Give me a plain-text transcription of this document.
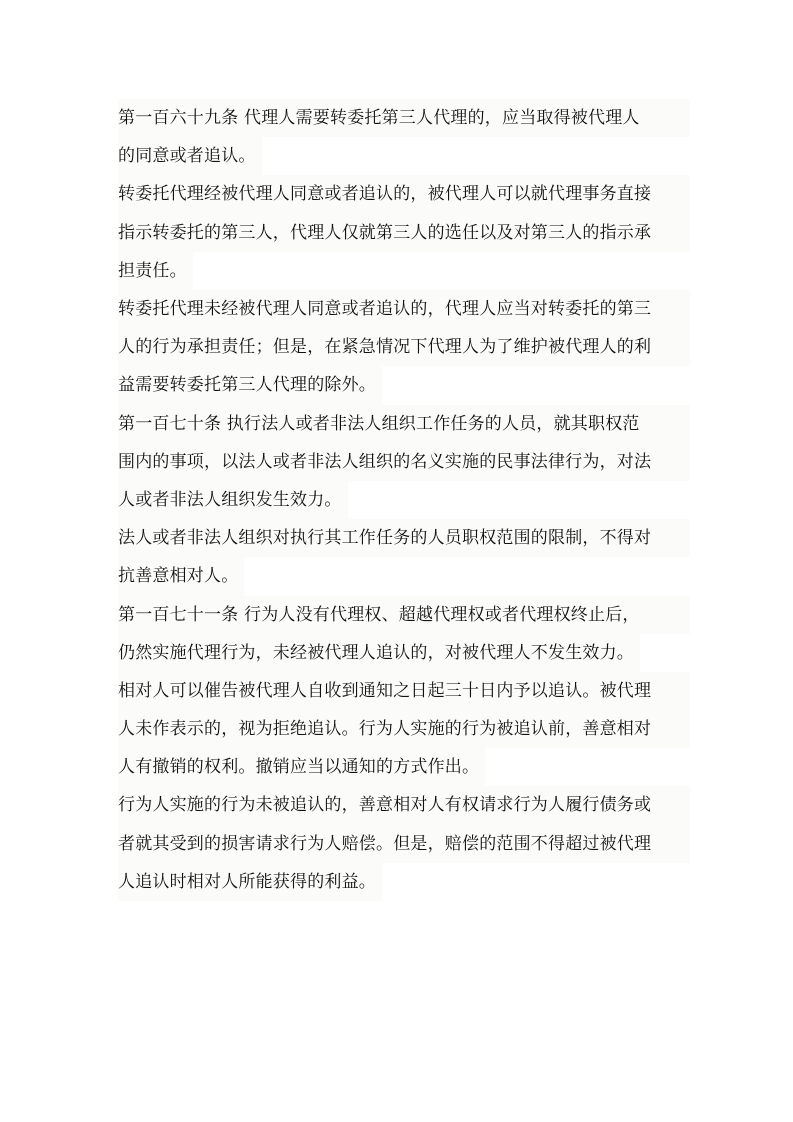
第一百六十九条 代理人需要转委托第三人代理的，应当取得被代理人
的同意或者追认。

转委托代理经被代理人同意或者追认的，被代理人可以就代理事务直接
指示转委托的第三人，代理人仅就第三人的选任以及对第三人的指示承
担责任。

转委托代理未经被代理人同意或者追认的，代理人应当对转委托的第三
人的行为承担责任；但是，在紧急情况下代理人为了维护被代理人的利
益需要转委托第三人代理的除外。

第一百七十条 执行法人或者非法人组织工作任务的人员，就其职权范
围内的事项，以法人或者非法人组织的名义实施的民事法律行为，对法
人或者非法人组织发生效力。

法人或者非法人组织对执行其工作任务的人员职权范围的限制，不得对
抗善意相对人。

第一百七十一条 行为人没有代理权、超越代理权或者代理权终止后，
仍然实施代理行为，未经被代理人追认的，对被代理人不发生效力。

相对人可以催告被代理人自收到通知之日起三十日内予以追认。被代理
人未作表示的，视为拒绝追认。行为人实施的行为被追认前，善意相对
人有撤销的权利。撤销应当以通知的方式作出。

行为人实施的行为未被追认的，善意相对人有权请求行为人履行债务或
者就其受到的损害请求行为人赔偿。但是，赔偿的范围不得超过被代理
人追认时相对人所能获得的利益。
